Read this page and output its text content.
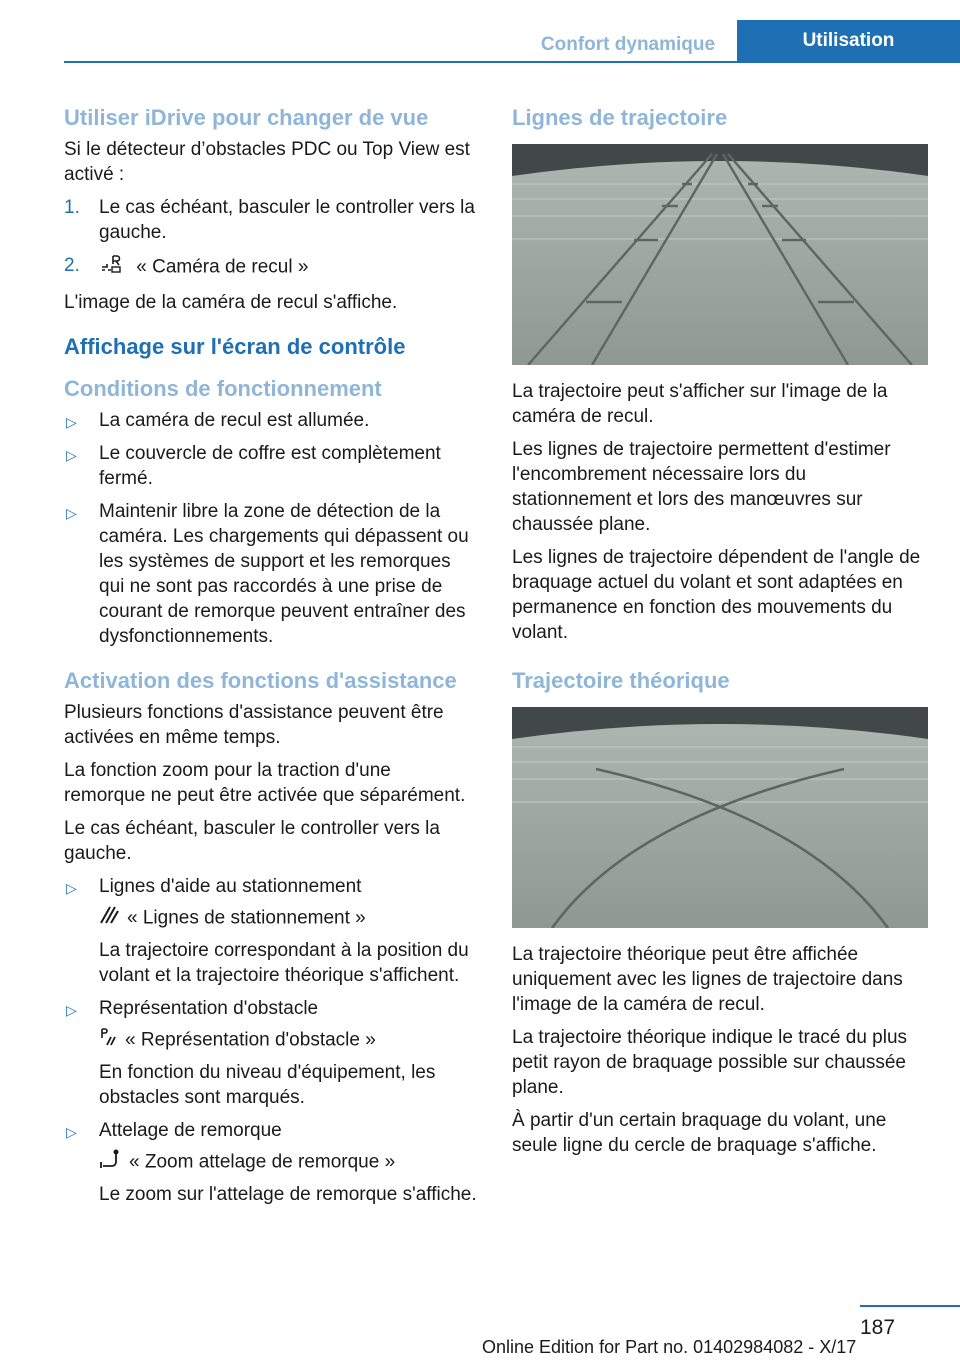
Confort dynamique	Utilisation
Utiliser iDrive pour changer de vue

Si le détecteur d’obstacles PDC ou Top View est activé :

1. Le cas échéant, basculer le controller vers la gauche.
2.	« Caméra de recul »

L'image de la caméra de recul s'affiche.

Affichage sur l'écran de contrôle
Conditions de fonctionnement
▷ La caméra de recul est allumée.
▷ Le couvercle de coffre est complètement fermé.
▷ Maintenir libre la zone de détection de la caméra. Les chargements qui dépassent ou les systèmes de support et les remorques qui ne sont pas raccordés à une prise de courant de remorque peuvent entraîner des dysfonctionnements.
Activation des fonctions d'assistance

Plusieurs fonctions d'assistance peuvent être activées en même temps.

La fonction zoom pour la traction d'une remorque ne peut être activée que séparément.

Le cas échéant, basculer le controller vers la gauche.

▷ Lignes d'aide au stationnement
« Lignes de stationnement »
La trajectoire correspondant à la position du volant et la trajectoire théorique s'affichent.
▷ Représentation d'obstacle
« Représentation d'obstacle »
En fonction du niveau d'équipement, les obstacles sont marqués.
▷ Attelage de remorque
« Zoom attelage de remorque »
Le zoom sur l'attelage de remorque s'affiche.
Lignes de trajectoire

La trajectoire peut s'afficher sur l'image de la caméra de recul.

Les lignes de trajectoire permettent d'estimer l'encombrement nécessaire lors du stationnement et lors des manœuvres sur chaussée plane.

Les lignes de trajectoire dépendent de l'angle de braquage actuel du volant et sont adaptées en permanence en fonction des mouvements du volant.

Trajectoire théorique

La trajectoire théorique peut être affichée uniquement avec les lignes de trajectoire dans l'image de la caméra de recul.

La trajectoire théorique indique le tracé du plus petit rayon de braquage possible sur chaussée plane.

À partir d'un certain braquage du volant, une seule ligne du cercle de braquage s'affiche.

187
Online Edition for Part no. 01402984082 - X/17
